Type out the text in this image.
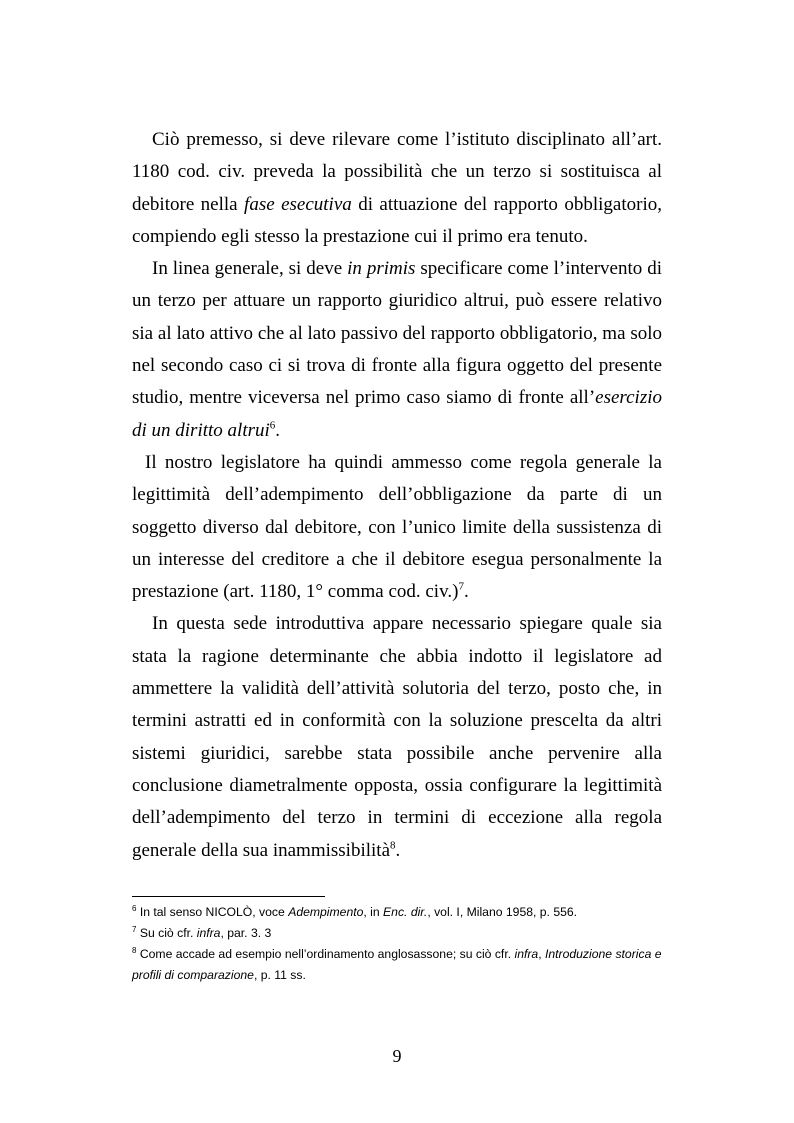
Ciò premesso, si deve rilevare come l’istituto disciplinato all’art. 1180 cod. civ. preveda la possibilità che un terzo si sostituisca al debitore nella fase esecutiva di attuazione del rapporto obbligatorio, compiendo egli stesso la prestazione cui il primo era tenuto.

In linea generale, si deve in primis specificare come l’intervento di un terzo per attuare un rapporto giuridico altrui, può essere relativo sia al lato attivo che al lato passivo del rapporto obbligatorio, ma solo nel secondo caso ci si trova di fronte alla figura oggetto del presente studio, mentre viceversa nel primo caso siamo di fronte all’esercizio di un diritto altrui$^6$.

Il nostro legislatore ha quindi ammesso come regola generale la legittimità dell’adempimento dell’obbligazione da parte di un soggetto diverso dal debitore, con l’unico limite della sussistenza di un interesse del creditore a che il debitore esegua personalmente la prestazione (art. 1180, 1° comma cod. civ.)$^7$.

In questa sede introduttiva appare necessario spiegare quale sia stata la ragione determinante che abbia indotto il legislatore ad ammettere la validità dell’attività solutoria del terzo, posto che, in termini astratti ed in conformità con la soluzione prescelta da altri sistemi giuridici, sarebbe stata possibile anche pervenire alla conclusione diametralmente opposta, ossia configurare la legittimità dell’adempimento del terzo in termini di eccezione alla regola generale della sua inammissibilità$^8$.

$^6$ In tal senso NICOLÒ, voce Adempimento, in Enc. dir., vol. I, Milano 1958, p. 556.

$^7$ Su ciò cfr. infra, par. 3. 3

$^8$ Come accade ad esempio nell’ordinamento anglosassone; su ciò cfr. infra, Introduzione storica e profili di comparazione, p. 11 ss.

9
